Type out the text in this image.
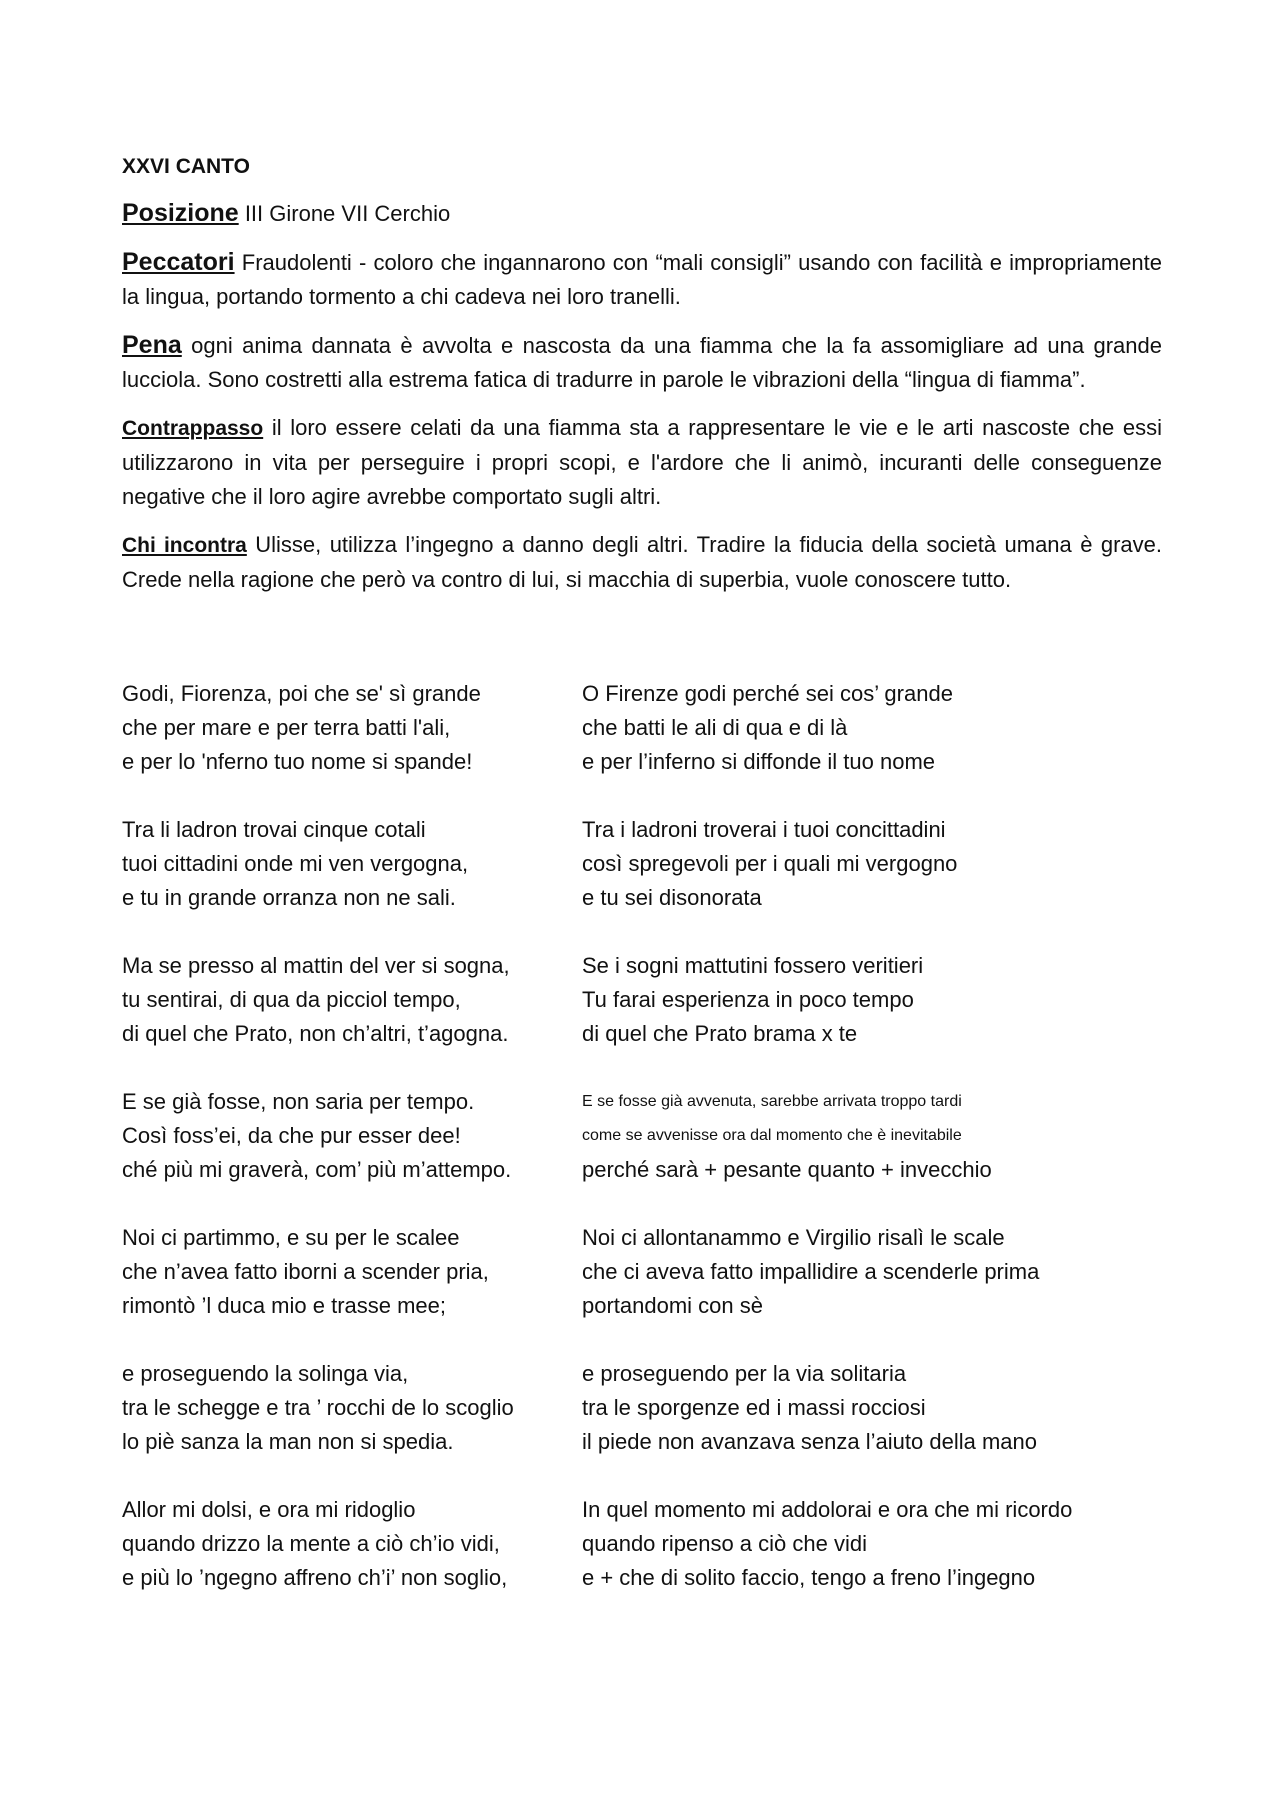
XXVI CANTO

Posizione III Girone VII Cerchio

Peccatori Fraudolenti - coloro che ingannarono con “mali consigli” usando con facilità e impropriamente la lingua, portando tormento a chi cadeva nei loro tranelli.

Pena ogni anima dannata è avvolta e nascosta da una fiamma che la fa assomigliare ad una grande lucciola. Sono costretti alla estrema fatica di tradurre in parole le vibrazioni della “lingua di fiamma”.

Contrappasso il loro essere celati da una fiamma sta a rappresentare le vie e le arti nascoste che essi utilizzarono in vita per perseguire i propri scopi, e l'ardore che li animò, incuranti delle conseguenze negative che il loro agire avrebbe comportato sugli altri.

Chi incontra Ulisse, utilizza l’ingegno a danno degli altri. Tradire la fiducia della società umana è grave. Crede nella ragione che però va contro di lui, si macchia di superbia, vuole conoscere tutto.

Godi, Fiorenza, poi che se' sì grande
che per mare e per terra batti l'ali,
e per lo 'nferno tuo nome si spande!
Tra li ladron trovai cinque cotali
tuoi cittadini onde mi ven vergogna,
e tu in grande orranza non ne sali.
Ma se presso al mattin del ver si sogna,
tu sentirai, di qua da picciol tempo,
di quel che Prato, non ch’altri, t’agogna.
E se già fosse, non saria per tempo.
Così foss’ei, da che pur esser dee!
ché più mi graverà, com’ più m’attempo.
Noi ci partimmo, e su per le scalee
che n’avea fatto iborni a scender pria,
rimontò ’l duca mio e trasse mee;
e proseguendo la solinga via,
tra le schegge e tra ’ rocchi de lo scoglio
lo piè sanza la man non si spedia.
Allor mi dolsi, e ora mi ridoglio
quando drizzo la mente a ciò ch’io vidi,
e più lo ’ngegno affreno ch’i’ non soglio,
O Firenze godi perché sei cos’ grande
che batti le ali di qua e di là
e per l’inferno si diffonde il tuo nome
Tra i ladroni troverai i tuoi concittadini
così spregevoli per i quali mi vergogno
e tu sei disonorata
Se i sogni mattutini fossero veritieri
Tu farai esperienza in poco tempo
di quel che Prato brama x te
E se fosse già avvenuta, sarebbe arrivata troppo tardi
come se avvenisse ora dal momento che è inevitabile
perché sarà + pesante quanto + invecchio
Noi ci allontanammo e Virgilio risalì le scale
che ci aveva fatto impallidire a scenderle prima
portandomi con sè
e proseguendo per la via solitaria
tra le sporgenze ed i massi rocciosi
il piede non avanzava senza l’aiuto della mano
In quel momento mi addolorai e ora che mi ricordo
quando ripenso a ciò che vidi
e + che di solito faccio, tengo a freno l’ingegno
